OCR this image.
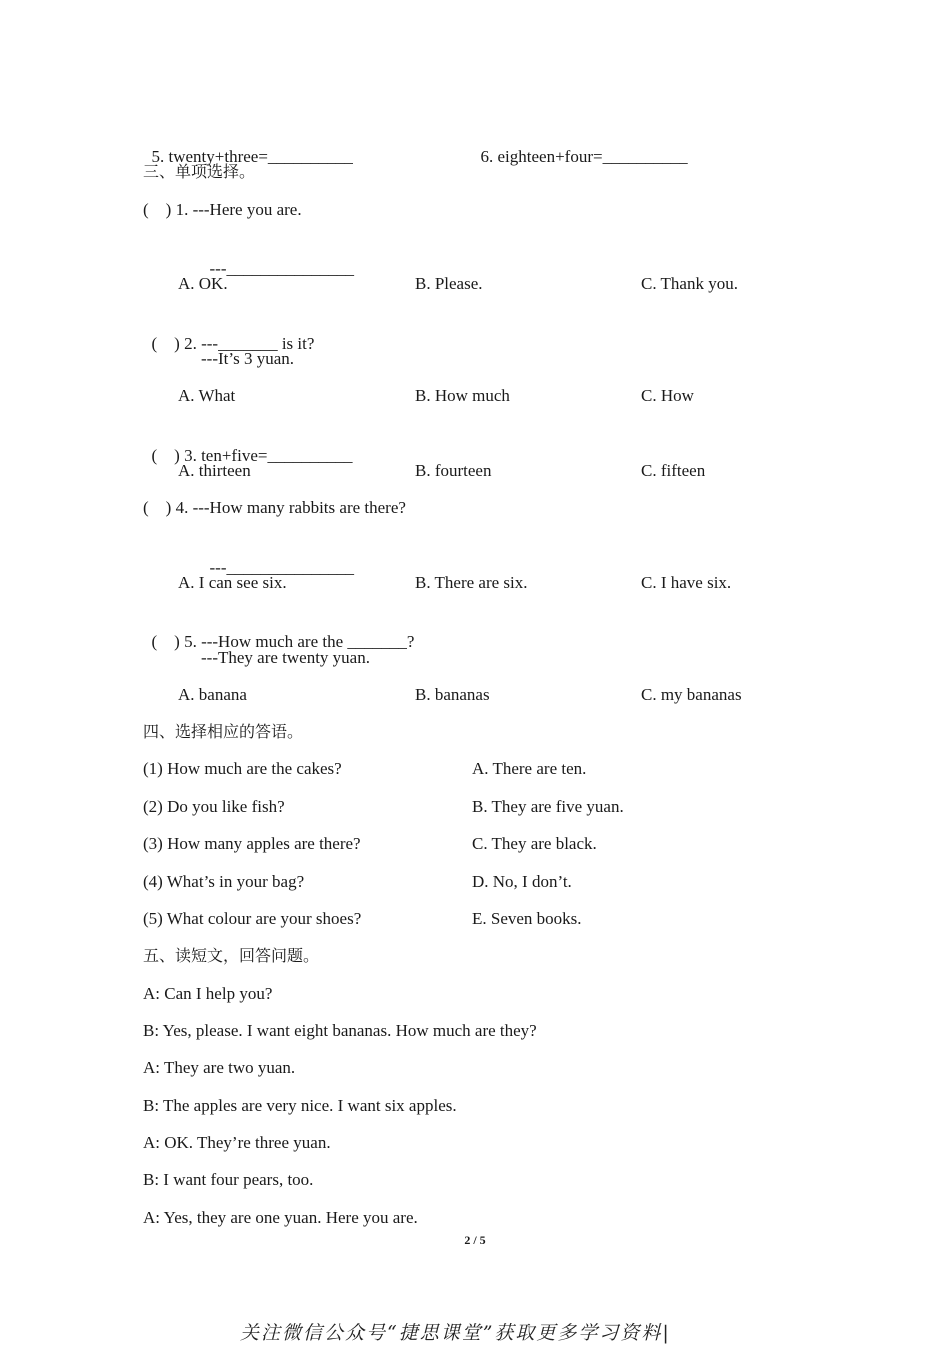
5. twenty+three=__________	6. eighteen+four=__________

三、单项选择。
(    ) 1. ---Here you are.

---_______________

A. OK.	B. Please.	C. Thank you.

(    ) 2. ---_______ is it?

---It’s 3 yuan.
A. What	B. How much	C. How

(    ) 3. ten+five=__________

A. thirteen	B. fourteen	C. fifteen
(    ) 4. ---How many rabbits are there?

---_______________

A. I can see six.	B. There are six.	C. I have six.

(    ) 5. ---How much are the _______?

---They are twenty yuan.
A. banana	B. bananas	C. my bananas
四、选择相应的答语。
(1) How much are the cakes?	A. There are ten.
(2) Do you like fish?	B. They are five yuan.
(3) How many apples are there?	C. They are black.
(4) What’s in your bag?	D. No, I don’t.
(5) What colour are your shoes?	E. Seven books.
五、读短文，回答问题。
A: Can I help you?
B: Yes, please. I want eight bananas. How much are they?
A: They are two yuan.
B: The apples are very nice. I want six apples.
A: OK. They’re three yuan.
B: I want four pears, too.
A: Yes, they are one yuan. Here you are.
2 / 5
关注微信公众号“捷思课堂”获取更多学习资料|
